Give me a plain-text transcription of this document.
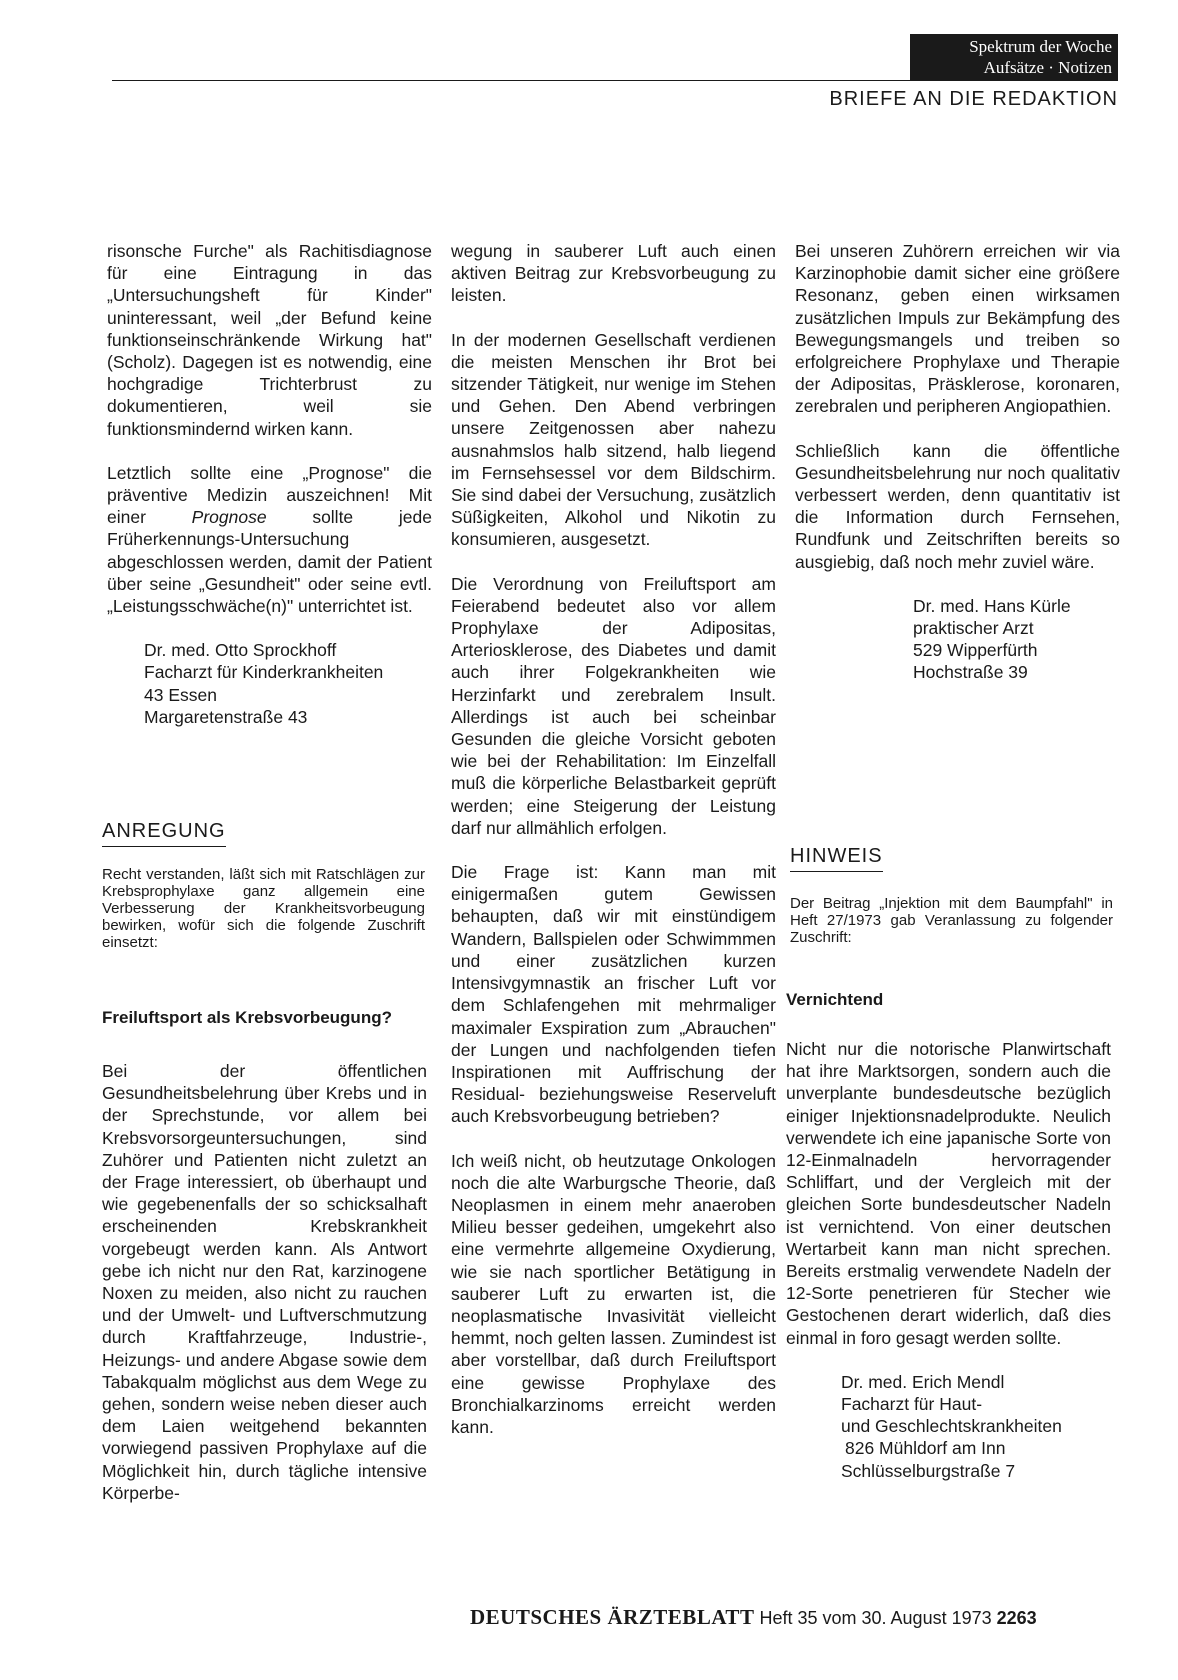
Spektrum der Woche
Aufsätze · Notizen
BRIEFE AN DIE REDAKTION

risonsche Furche" als Rachitisdiagnose für eine Eintragung in das „Untersuchungsheft für Kinder" uninteressant, weil „der Befund keine funktionseinschränkende Wirkung hat" (Scholz). Dagegen ist es notwendig, eine hochgradige Trichterbrust zu dokumentieren, weil sie funktionsmindernd wirken kann.

Letztlich sollte eine „Prognose" die präventive Medizin auszeichnen! Mit einer Prognose sollte jede Früherkennungs-Untersuchung abgeschlossen werden, damit der Patient über seine „Gesundheit" oder seine evtl. „Leistungsschwäche(n)" unterrichtet ist.

Dr. med. Otto Sprockhoff
Facharzt für Kinderkrankheiten
43 Essen
Margaretenstraße 43
ANREGUNG
Recht verstanden, läßt sich mit Ratschlägen zur Krebsprophylaxe ganz allgemein eine Verbesserung der Krankheitsvorbeugung bewirken, wofür sich die folgende Zuschrift einsetzt:
Freiluftsport als Krebsvorbeugung?

Bei der öffentlichen Gesundheitsbelehrung über Krebs und in der Sprechstunde, vor allem bei Krebsvorsorgeuntersuchungen, sind Zuhörer und Patienten nicht zuletzt an der Frage interessiert, ob überhaupt und wie gegebenenfalls der so schicksalhaft erscheinenden Krebskrankheit vorgebeugt werden kann. Als Antwort gebe ich nicht nur den Rat, karzinogene Noxen zu meiden, also nicht zu rauchen und der Umwelt- und Luftverschmutzung durch Kraftfahrzeuge, Industrie-, Heizungs- und andere Abgase sowie dem Tabakqualm möglichst aus dem Wege zu gehen, sondern weise neben dieser auch dem Laien weitgehend bekannten vorwiegend passiven Prophylaxe auf die Möglichkeit hin, durch tägliche intensive Körperbe-

wegung in sauberer Luft auch einen aktiven Beitrag zur Krebsvorbeugung zu leisten.

In der modernen Gesellschaft verdienen die meisten Menschen ihr Brot bei sitzender Tätigkeit, nur wenige im Stehen und Gehen. Den Abend verbringen unsere Zeitgenossen aber nahezu ausnahmslos halb sitzend, halb liegend im Fernsehsessel vor dem Bildschirm. Sie sind dabei der Versuchung, zusätzlich Süßigkeiten, Alkohol und Nikotin zu konsumieren, ausgesetzt.

Die Verordnung von Freiluftsport am Feierabend bedeutet also vor allem Prophylaxe der Adipositas, Arteriosklerose, des Diabetes und damit auch ihrer Folgekrankheiten wie Herzinfarkt und zerebralem Insult. Allerdings ist auch bei scheinbar Gesunden die gleiche Vorsicht geboten wie bei der Rehabilitation: Im Einzelfall muß die körperliche Belastbarkeit geprüft werden; eine Steigerung der Leistung darf nur allmählich erfolgen.

Die Frage ist: Kann man mit einigermaßen gutem Gewissen behaupten, daß wir mit einstündigem Wandern, Ballspielen oder Schwimmmen und einer zusätzlichen kurzen Intensivgymnastik an frischer Luft vor dem Schlafengehen mit mehrmaliger maximaler Exspiration zum „Abrauchen" der Lungen und nachfolgenden tiefen Inspirationen mit Auffrischung der Residual- beziehungsweise Reserveluft auch Krebsvorbeugung betrieben?

Ich weiß nicht, ob heutzutage Onkologen noch die alte Warburgsche Theorie, daß Neoplasmen in einem mehr anaeroben Milieu besser gedeihen, umgekehrt also eine vermehrte allgemeine Oxydierung, wie sie nach sportlicher Betätigung in sauberer Luft zu erwarten ist, die neoplasmatische Invasivität vielleicht hemmt, noch gelten lassen. Zumindest ist aber vorstellbar, daß durch Freiluftsport eine gewisse Prophylaxe des Bronchialkarzinoms erreicht werden kann.

Bei unseren Zuhörern erreichen wir via Karzinophobie damit sicher eine größere Resonanz, geben einen wirksamen zusätzlichen Impuls zur Bekämpfung des Bewegungsmangels und treiben so erfolgreichere Prophylaxe und Therapie der Adipositas, Präsklerose, koronaren, zerebralen und peripheren Angiopathien.

Schließlich kann die öffentliche Gesundheitsbelehrung nur noch qualitativ verbessert werden, denn quantitativ ist die Information durch Fernsehen, Rundfunk und Zeitschriften bereits so ausgiebig, daß noch mehr zuviel wäre.

Dr. med. Hans Kürle
praktischer Arzt
529 Wipperfürth
Hochstraße 39
HINWEIS
Der Beitrag „Injektion mit dem Baumpfahl" in Heft 27/1973 gab Veranlassung zu folgender Zuschrift:
Vernichtend

Nicht nur die notorische Planwirtschaft hat ihre Marktsorgen, sondern auch die unverplante bundesdeutsche bezüglich einiger Injektionsnadelprodukte. Neulich verwendete ich eine japanische Sorte von 12-Einmalnadeln hervorragender Schliffart, und der Vergleich mit der gleichen Sorte bundesdeutscher Nadeln ist vernichtend. Von einer deutschen Wertarbeit kann man nicht sprechen. Bereits erstmalig verwendete Nadeln der 12-Sorte penetrieren für Stecher wie Gestochenen derart widerlich, daß dies einmal in foro gesagt werden sollte.

Dr. med. Erich Mendl
Facharzt für Haut-
und Geschlechtskrankheiten
826 Mühldorf am Inn
Schlüsselburgstraße 7
DEUTSCHES ÄRZTEBLATT Heft 35 vom 30. August 1973 2263
